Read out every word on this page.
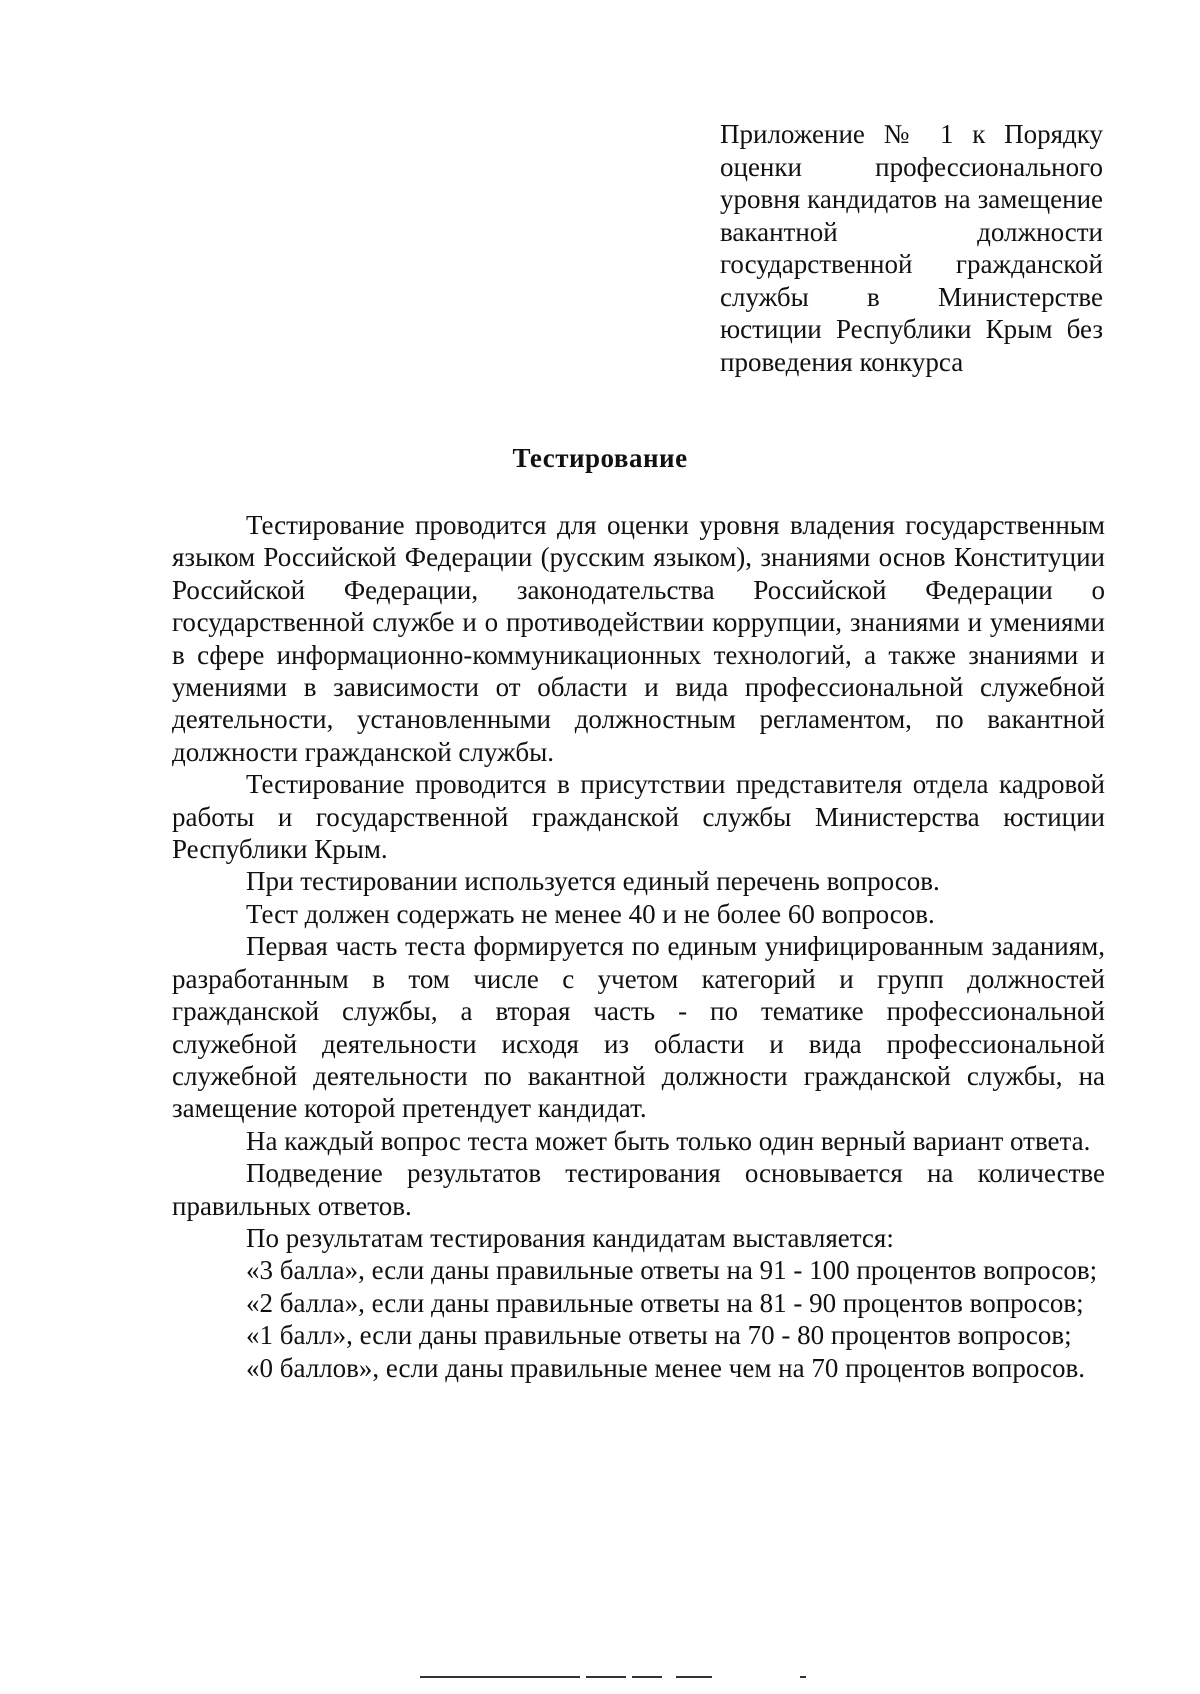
Приложение № 1 к Порядку оценки профессионального уровня кандидатов на замещение вакантной должности государственной гражданской службы в Министерстве юстиции Республики Крым без проведения конкурса
Тестирование

Тестирование проводится для оценки уровня владения государственным языком Российской Федерации (русским языком), знаниями основ Конституции Российской Федерации, законодательства Российской Федерации о государственной службе и о противодействии коррупции, знаниями и умениями в сфере информационно-коммуникационных технологий, а также знаниями и умениями в зависимости от области и вида профессиональной служебной деятельности, установленными должностным регламентом, по вакантной должности гражданской службы.

Тестирование проводится в присутствии представителя отдела кадровой работы и государственной гражданской службы Министерства юстиции Республики Крым.

При тестировании используется единый перечень вопросов.

Тест должен содержать не менее 40 и не более 60 вопросов.

Первая часть теста формируется по единым унифицированным заданиям, разработанным в том числе с учетом категорий и групп должностей гражданской службы, а вторая часть - по тематике профессиональной служебной деятельности исходя из области и вида профессиональной служебной деятельности по вакантной должности гражданской службы, на замещение которой претендует кандидат.

На каждый вопрос теста может быть только один верный вариант ответа.

Подведение результатов тестирования основывается на количестве правильных ответов.

По результатам тестирования кандидатам выставляется:

«3 балла», если даны правильные ответы на 91 - 100 процентов вопросов;

«2 балла», если даны правильные ответы на 81 - 90 процентов вопросов;

«1 балл», если даны правильные ответы на 70 - 80 процентов вопросов;

«0 баллов», если даны правильные менее чем на 70 процентов вопросов.
